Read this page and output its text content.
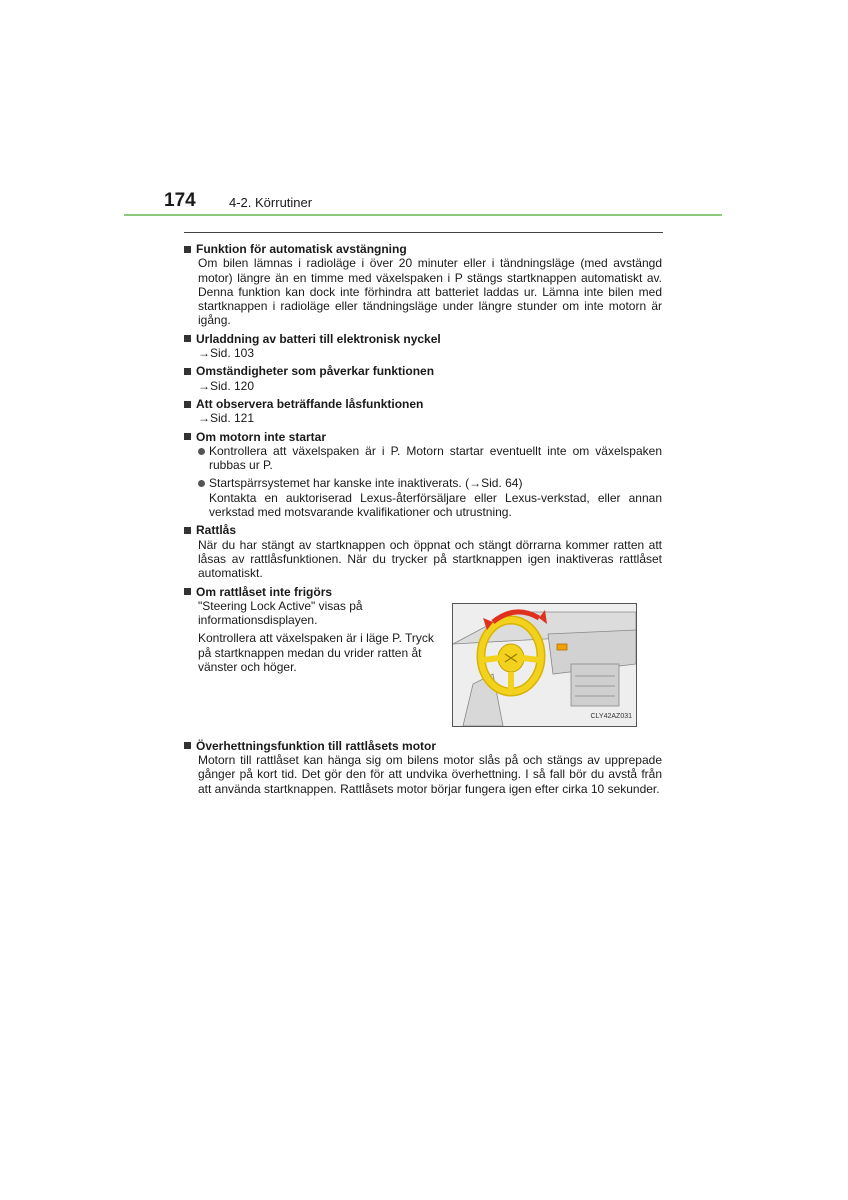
174	4-2. Körrutiner
Funktion för automatisk avstängning
Om bilen lämnas i radioläge i över 20 minuter eller i tändningsläge (med avstängd motor) längre än en timme med växelspaken i P stängs startknappen automatiskt av. Denna funktion kan dock inte förhindra att batteriet laddas ur. Lämna inte bilen med startknappen i radioläge eller tändningsläge under längre stunder om inte motorn är igång.
Urladdning av batteri till elektronisk nyckel
→Sid. 103
Omständigheter som påverkar funktionen
→Sid. 120
Att observera beträffande låsfunktionen
→Sid. 121
Om motorn inte startar
Kontrollera att växelspaken är i P. Motorn startar eventuellt inte om växelspaken rubbas ur P.
Startspärrsystemet har kanske inte inaktiverats. (→Sid. 64)
Kontakta en auktoriserad Lexus-återförsäljare eller Lexus-verkstad, eller annan verkstad med motsvarande kvalifikationer och utrustning.
Rattlås
När du har stängt av startknappen och öppnat och stängt dörrarna kommer ratten att låsas av rattlåsfunktionen. När du trycker på startknappen igen inaktiveras rattlåset automatiskt.
Om rattlåset inte frigörs
"Steering Lock Active" visas på informationsdisplayen.
Kontrollera att växelspaken är i läge P. Tryck på startknappen medan du vrider ratten åt vänster och höger.
CLY42AZ031
Överhettningsfunktion till rattlåsets motor
Motorn till rattlåset kan hänga sig om bilens motor slås på och stängs av upprepade gånger på kort tid. Det gör den för att undvika överhettning. I så fall bör du avstå från att använda startknappen. Rattlåsets motor börjar fungera igen efter cirka 10 sekunder.
